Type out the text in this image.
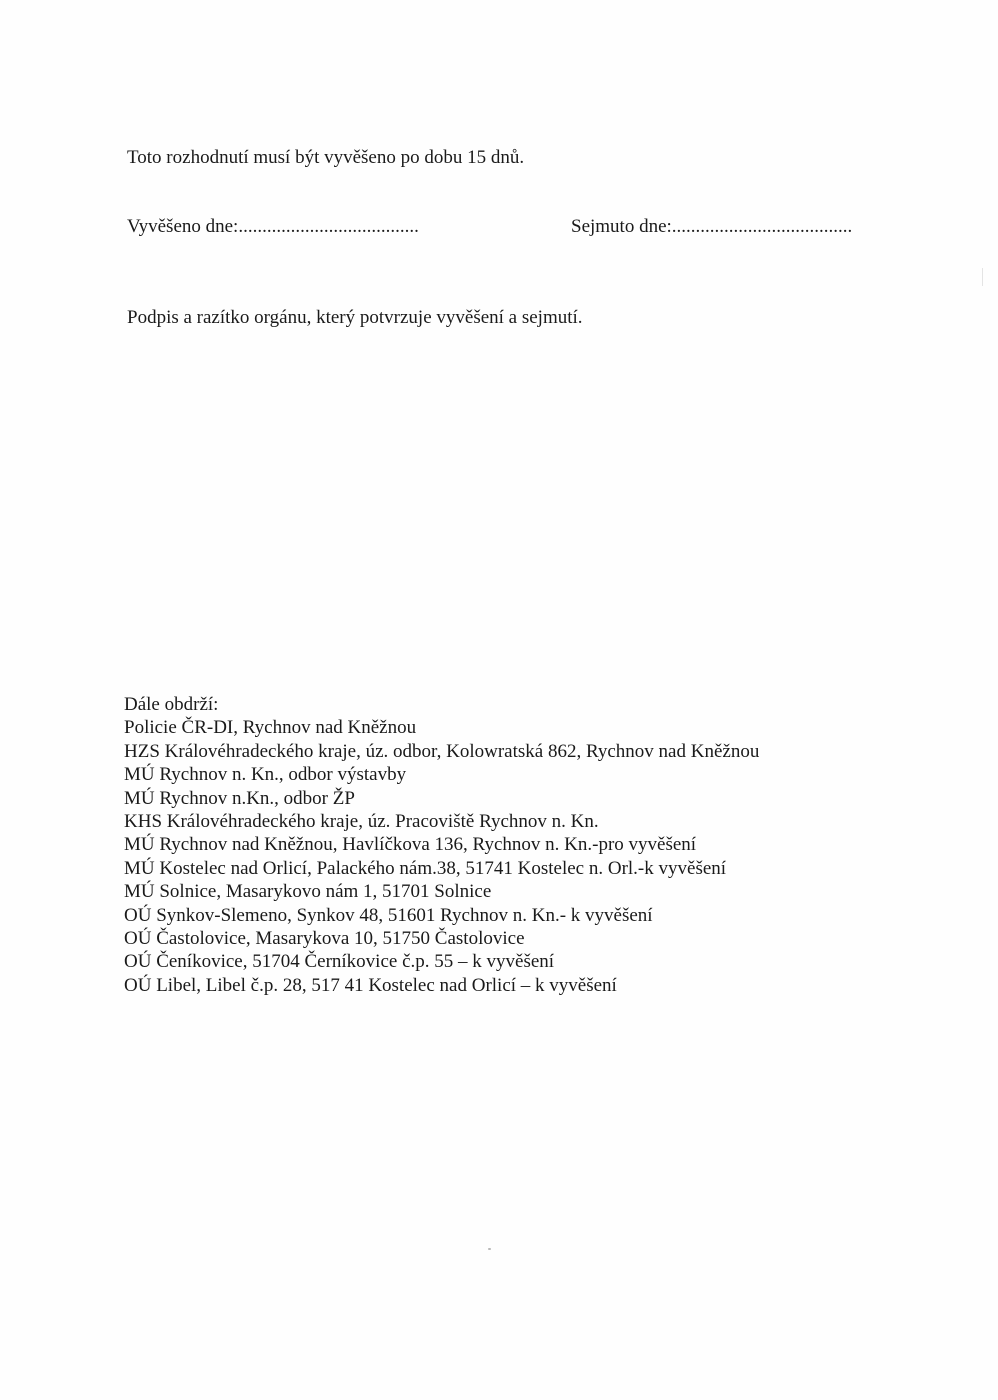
Toto rozhodnutí musí být vyvěšeno po dobu 15 dnů.
Vyvěšeno dne:......................................	Sejmuto dne:......................................
Podpis a razítko orgánu, který potvrzuje vyvěšení a sejmutí.
Dále obdrží:
Policie ČR-DI, Rychnov nad Kněžnou
HZS Královéhradeckého kraje, úz. odbor, Kolowratská 862, Rychnov nad Kněžnou
MÚ Rychnov n. Kn., odbor výstavby
MÚ Rychnov n.Kn., odbor ŽP
KHS Královéhradeckého kraje, úz. Pracoviště Rychnov n. Kn.
MÚ Rychnov nad Kněžnou, Havlíčkova 136, Rychnov n. Kn.-pro vyvěšení
MÚ Kostelec nad Orlicí, Palackého nám.38, 51741 Kostelec n. Orl.-k vyvěšení
MÚ Solnice, Masarykovo nám 1, 51701 Solnice
OÚ Synkov-Slemeno, Synkov 48, 51601 Rychnov n. Kn.- k vyvěšení
OÚ Častolovice, Masarykova 10, 51750 Častolovice
OÚ Čeníkovice, 51704 Černíkovice č.p. 55 – k vyvěšení
OÚ Libel, Libel č.p. 28, 517 41 Kostelec nad Orlicí – k vyvěšení
